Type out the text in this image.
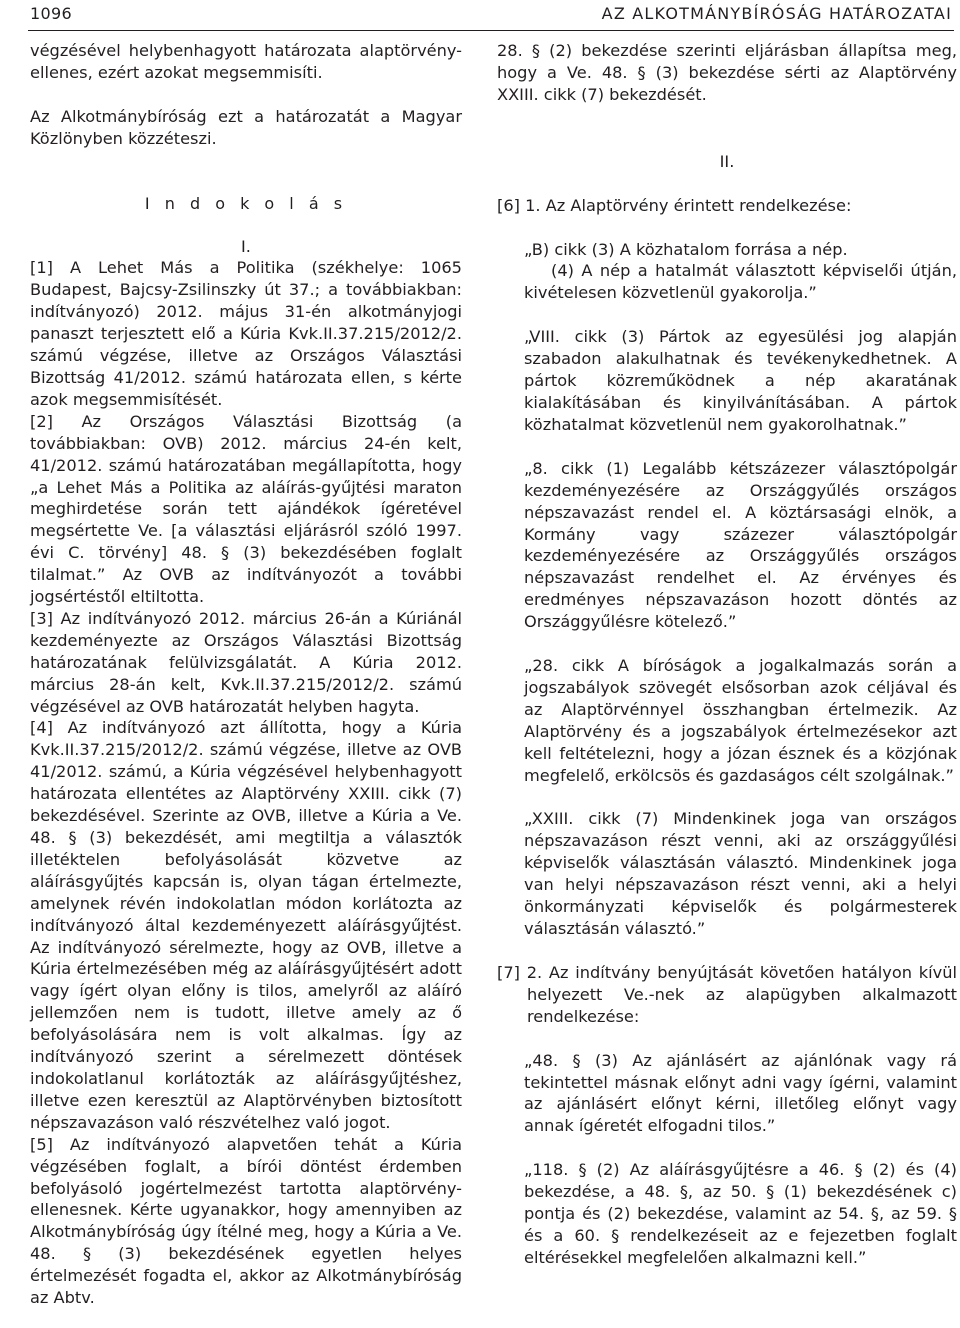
1096	AZ ALKOTMÁNYBÍRÓSÁG HATÁROZATAI

végzésével helybenhagyott határozata alaptörvény-ellenes, ezért azokat megsemmisíti.

Az Alkotmánybíróság ezt a határozatát a Magyar Közlönyben közzéteszi.

I n d o k o l á s

I.

[1] A Lehet Más a Politika (székhelye: 1065 Budapest, Bajcsy-Zsilinszky út 37.; a továbbiakban: indítványozó) 2012. május 31-én alkotmányjogi panaszt terjesztett elő a Kúria Kvk.II.37.215/2012/2. számú végzése, illetve az Országos Választási Bizottság 41/2012. számú határozata ellen, s kérte azok megsemmisítését.

[2] Az Országos Választási Bizottság (a továbbiakban: OVB) 2012. március 24-én kelt, 41/2012. számú határozatában megállapította, hogy „a Lehet Más a Politika az aláírás-gyűjtési maraton meghirdetése során tett ajándékok ígéretével megsértette Ve. [a választási eljárásról szóló 1997. évi C. törvény] 48. § (3) bekezdésében foglalt tilalmat.” Az OVB az indítványozót a további jogsértéstől eltiltotta.

[3] Az indítványozó 2012. március 26-án a Kúriánál kezdeményezte az Országos Választási Bizottság határozatának felülvizsgálatát. A Kúria 2012. március 28-án kelt, Kvk.II.37.215/2012/2. számú végzésével az OVB határozatát helyben hagyta.

[4] Az indítványozó azt állította, hogy a Kúria Kvk.II.37.215/2012/2. számú végzése, illetve az OVB 41/2012. számú, a Kúria végzésével helybenhagyott határozata ellentétes az Alaptörvény XXIII. cikk (7) bekezdésével. Szerinte az OVB, illetve a Kúria a Ve. 48. § (3) bekezdését, ami megtiltja a választók illetéktelen befolyásolását közvetve az aláírásgyűjtés kapcsán is, olyan tágan értelmezte, amelynek révén indokolatlan módon korlátozta az indítványozó által kezdeményezett aláírásgyűjtést. Az indítványozó sérelmezte, hogy az OVB, illetve a Kúria értelmezésében még az aláírásgyűjtésért adott vagy ígért olyan előny is tilos, amelyről az aláíró jellemzően nem is tudott, illetve amely az ő befolyásolására nem is volt alkalmas. Így az indítványozó szerint a sérelmezett döntések indokolatlanul korlátozták az aláírásgyűjtéshez, illetve ezen keresztül az Alaptörvényben biztosított népszavazáson való részvételhez való jogot.

[5] Az indítványozó alapvetően tehát a Kúria végzésében foglalt, a bírói döntést érdemben befolyásoló jogértelmezést tartotta alaptörvény-ellenesnek. Kérte ugyanakkor, hogy amennyiben az Alkotmánybíróság úgy ítélné meg, hogy a Kúria a Ve. 48. § (3) bekezdésének egyetlen helyes értelmezését fogadta el, akkor az Alkotmánybíróság az Abtv.

28. § (2) bekezdése szerinti eljárásban állapítsa meg, hogy a Ve. 48. § (3) bekezdése sérti az Alaptörvény XXIII. cikk (7) bekezdését.

II.

[6] 1. Az Alaptörvény érintett rendelkezése:

„B) cikk (3) A közhatalom forrása a nép.

(4) A nép a hatalmát választott képviselői útján, kivételesen közvetlenül gyakorolja.”

„VIII. cikk (3) Pártok az egyesülési jog alapján szabadon alakulhatnak és tevékenykedhetnek. A pártok közreműködnek a nép akaratának kialakításában és kinyilvánításában. A pártok közhatalmat közvetlenül nem gyakorolhatnak.”

„8. cikk (1) Legalább kétszázezer választópolgár kezdeményezésére az Országgyűlés országos népszavazást rendel el. A köztársasági elnök, a Kormány vagy százezer választópolgár kezdeményezésére az Országgyűlés országos népszavazást rendelhet el. Az érvényes és eredményes népszavazáson hozott döntés az Országgyűlésre kötelező.”

„28. cikk A bíróságok a jogalkalmazás során a jogszabályok szövegét elsősorban azok céljával és az Alaptörvénnyel összhangban értelmezik. Az Alaptörvény és a jogszabályok értelmezésekor azt kell feltételezni, hogy a józan észnek és a közjónak megfelelő, erkölcsös és gazdaságos célt szolgálnak.”

„XXIII. cikk (7) Mindenkinek joga van országos népszavazáson részt venni, aki az országgyűlési képviselők választásán választó. Mindenkinek joga van helyi népszavazáson részt venni, aki a helyi önkormányzati képviselők és polgármesterek választásán választó.”

[7] 2. Az indítvány benyújtását követően hatályon kívül helyezett Ve.-nek az alapügyben alkalmazott rendelkezése:

„48. § (3) Az ajánlásért az ajánlónak vagy rá tekintettel másnak előnyt adni vagy ígérni, valamint az ajánlásért előnyt kérni, illetőleg előnyt vagy annak ígéretét elfogadni tilos.”

„118. § (2) Az aláírásgyűjtésre a 46. § (2) és (4) bekezdése, a 48. §, az 50. § (1) bekezdésének c) pontja és (2) bekezdése, valamint az 54. §, az 59. § és a 60. § rendelkezéseit az e fejezetben foglalt eltérésekkel megfelelően alkalmazni kell.”
